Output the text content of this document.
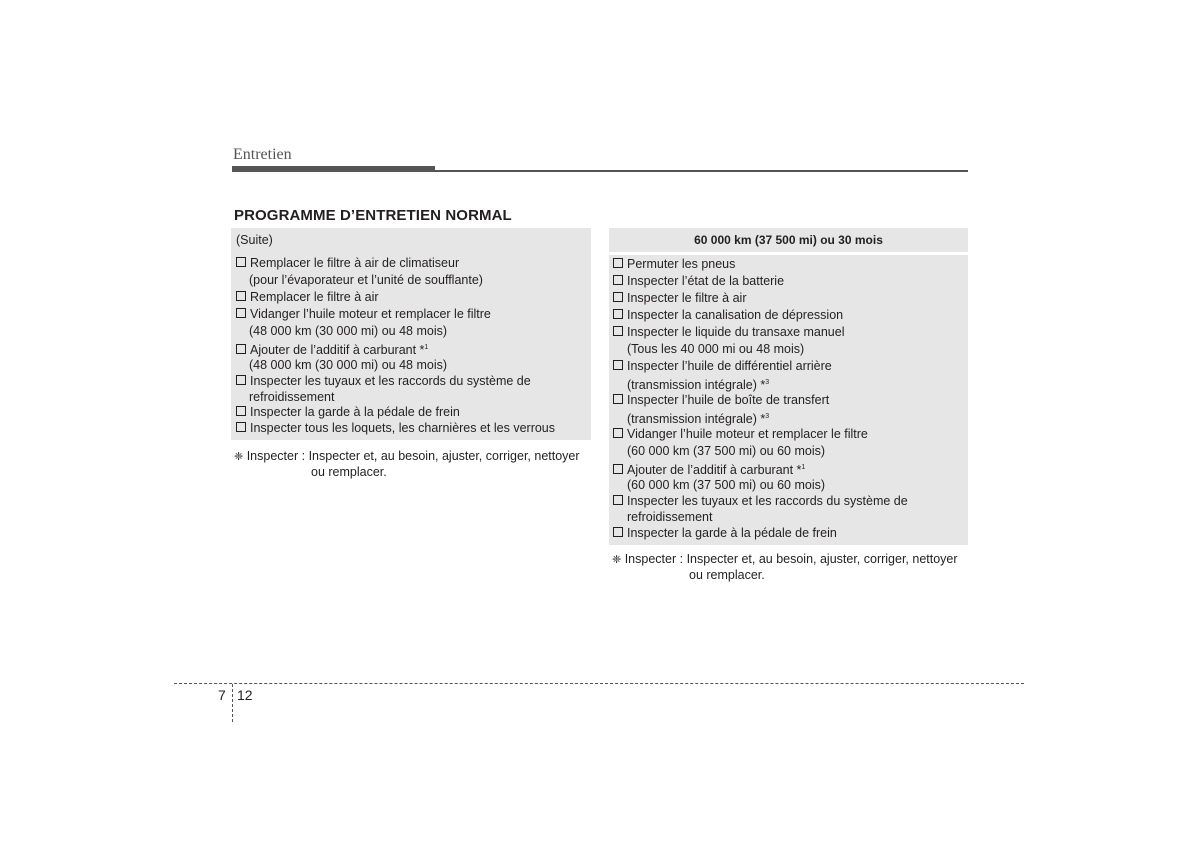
Entretien
PROGRAMME D’ENTRETIEN NORMAL
(Suite)
Remplacer le filtre à air de climatiseur
(pour l’évaporateur et l’unité de soufflante)
Remplacer le filtre à air
Vidanger l’huile moteur et remplacer le filtre
(48 000 km (30 000 mi) ou 48 mois)
Ajouter de l’additif à carburant *$^1$
(48 000 km (30 000 mi) ou 48 mois)
Inspecter les tuyaux et les raccords du système de
refroidissement
Inspecter la garde à la pédale de frein
Inspecter tous les loquets, les charnières et les verrous
❈ Inspecter : Inspecter et, au besoin, ajuster, corriger, nettoyer
ou remplacer.
60 000 km (37 500 mi) ou 30 mois
Permuter les pneus
Inspecter l’état de la batterie
Inspecter le filtre à air
Inspecter la canalisation de dépression
Inspecter le liquide du transaxe manuel
(Tous les 40 000 mi ou 48 mois)
Inspecter l’huile de différentiel arrière
(transmission intégrale) *$^3$
Inspecter l’huile de boîte de transfert
(transmission intégrale) *$^3$
Vidanger l’huile moteur et remplacer le filtre
(60 000 km (37 500 mi) ou 60 mois)
Ajouter de l’additif à carburant *$^1$
(60 000 km (37 500 mi) ou 60 mois)
Inspecter les tuyaux et les raccords du système de
refroidissement
Inspecter la garde à la pédale de frein
❈ Inspecter : Inspecter et, au besoin, ajuster, corriger, nettoyer
ou remplacer.
7 12
